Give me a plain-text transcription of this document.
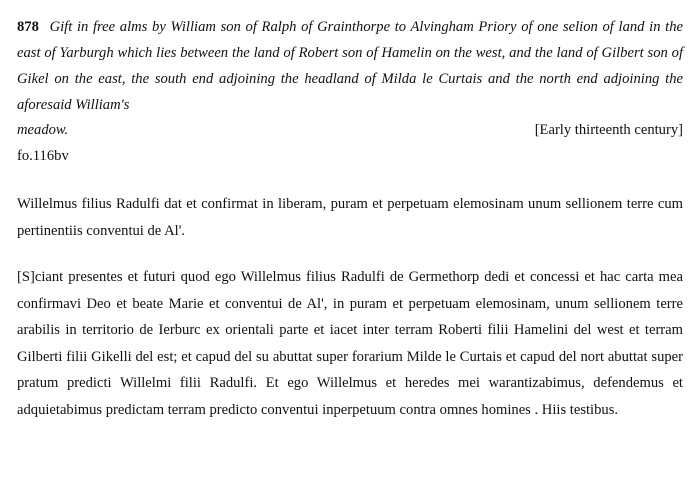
878 Gift in free alms by William son of Ralph of Grainthorpe to Alvingham Priory of one selion of land in the east of Yarburgh which lies between the land of Robert son of Hamelin on the west, and the land of Gilbert son of Gikel on the east, the south end adjoining the headland of Milda le Curtais and the north end adjoining the aforesaid William's
meadow.	[Early thirteenth century]
fo.116bv
Willelmus filius Radulfi dat et confirmat in liberam, puram et perpetuam elemosinam unum sellionem terre cum pertinentiis conventui de Al'.
[S]ciant presentes et futuri quod ego Willelmus filius Radulfi de Germethorp dedi et concessi et hac carta mea confirmavi Deo et beate Marie et conventui de Al', in puram et perpetuam elemosinam, unum sellionem terre arabilis in territorio de Ierburc ex orientali parte et iacet inter terram Roberti filii Hamelini del west et terram Gilberti filii Gikelli del est; et capud del su abuttat super forarium Milde le Curtais et capud del nort abuttat super pratum predicti Willelmi filii Radulfi. Et ego Willelmus et heredes mei warantizabimus, defendemus et adquietabimus predictam terram predicto conventui inperpetuum contra omnes homines . Hiis testibus.
